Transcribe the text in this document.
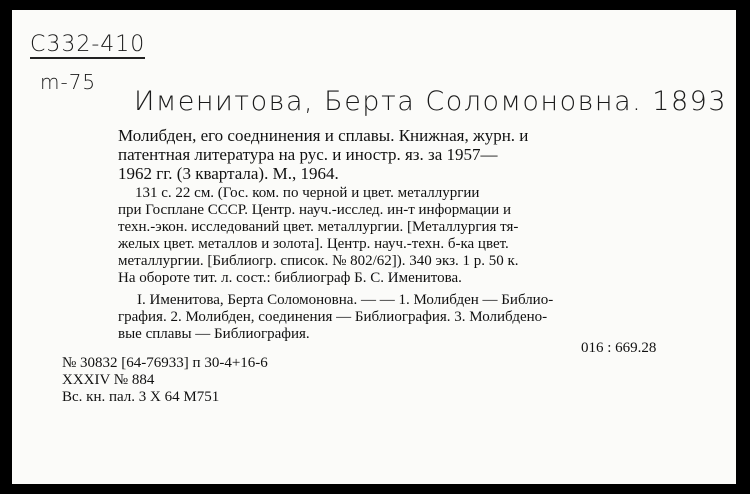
С332-410
m-75
Именитова, Берта Соломоновна. 1893
Молибден, его соеднинения и сплавы. Книжная, журн. и
патентная литература на рус. и иностр. яз. за 1957—
1962 гг. (3 квартала). М., 1964.
131 с. 22 см. (Гос. ком. по черной и цвет. металлургии
при Госплане СССР. Центр. науч.-исслед. ин-т информации и
техн.-экон. исследований цвет. металлургии. [Металлургия тя-
желых цвет. металлов и золота]. Центр. науч.-техн. б-ка цвет.
металлургии. [Библиогр. список. № 802/62]). 340 экз. 1 р. 50 к.
На обороте тит. л. сост.: библиограф Б. С. Именитова.
I. Именитова, Берта Соломоновна. — — 1. Молибден — Библио-
графия. 2. Молибден, соединения — Библиография. 3. Молибдено-
вые сплавы — Библиография.
016 : 669.28
№ 30832 [64-76933] п 30-4+16-6
XXXIV № 884
Вс. кн. пал. 3 X 64 М751
